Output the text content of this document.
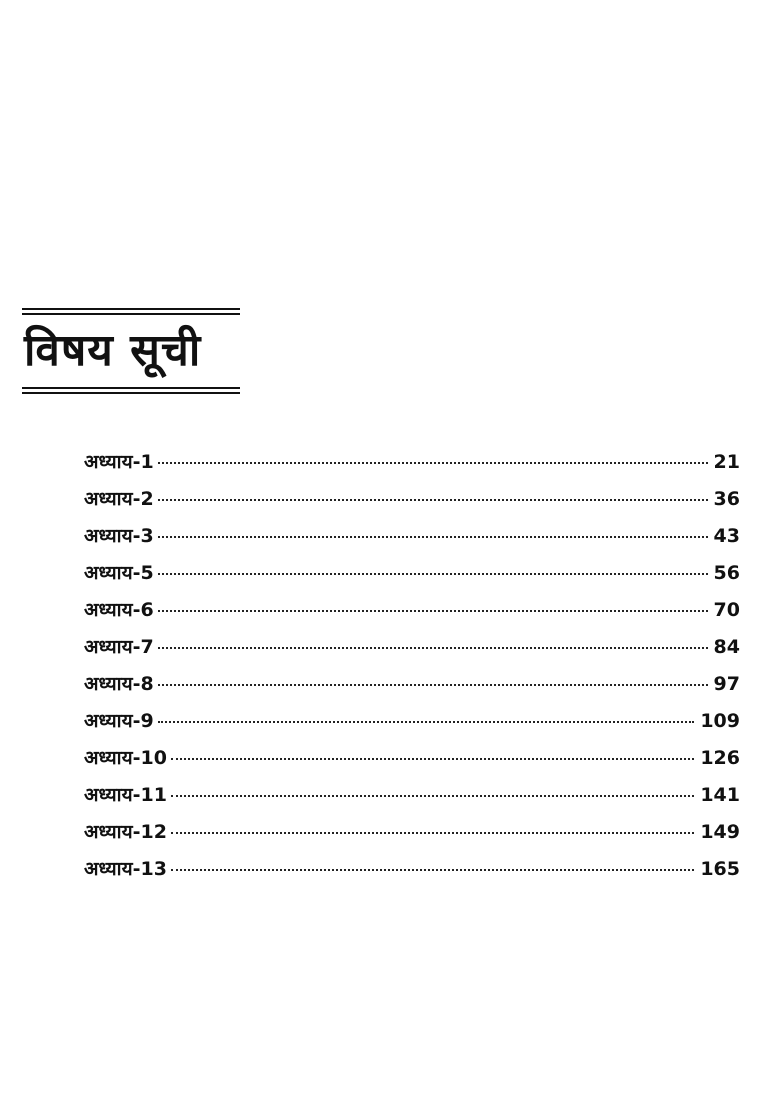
विषय सूची
अध्याय-1	21
अध्याय-2	36
अध्याय-3	43
अध्याय-5	56
अध्याय-6	70
अध्याय-7	84
अध्याय-8	97
अध्याय-9	109
अध्याय-10	126
अध्याय-11	141
अध्याय-12	149
अध्याय-13	165
